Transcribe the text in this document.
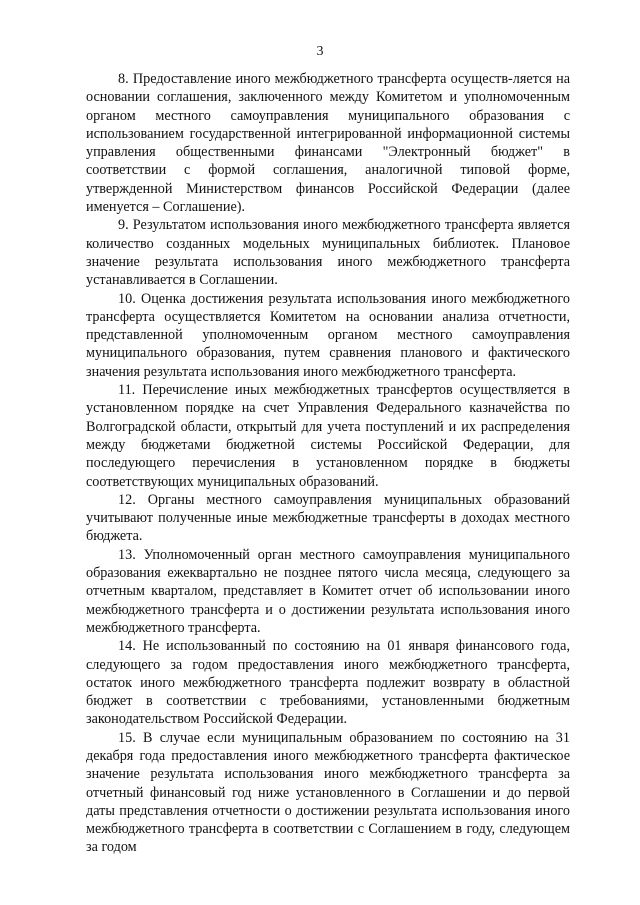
3

8. Предоставление иного межбюджетного трансферта осуществ-ляется на основании соглашения, заключенного между Комитетом и уполномоченным органом местного самоуправления муниципального образования с использованием государственной интегрированной информационной системы управления общественными финансами "Электронный бюджет" в соответствии с формой соглашения, аналогичной типовой форме, утвержденной Министерством финансов Российской Федерации (далее именуется – Соглашение).

9. Результатом использования иного межбюджетного трансферта является количество созданных модельных муниципальных библиотек. Плановое значение результата использования иного межбюджетного трансферта устанавливается в Соглашении.

10. Оценка достижения результата использования иного межбюджетного трансферта осуществляется Комитетом на основании анализа отчетности, представленной уполномоченным органом местного самоуправления муниципального образования, путем сравнения планового и фактического значения результата использования иного межбюджетного трансферта.

11. Перечисление иных межбюджетных трансфертов осуществляется в установленном порядке на счет Управления Федерального казначейства по Волгоградской области, открытый для учета поступлений и их распределения между бюджетами бюджетной системы Российской Федерации, для последующего перечисления в установленном порядке в бюджеты соответствующих муниципальных образований.

12. Органы местного самоуправления муниципальных образований учитывают полученные иные межбюджетные трансферты в доходах местного бюджета.

13. Уполномоченный орган местного самоуправления муниципального образования ежеквартально не позднее пятого числа месяца, следующего за отчетным кварталом, представляет в Комитет отчет об использовании иного межбюджетного трансферта и о достижении результата использования иного межбюджетного трансферта.

14. Не использованный по состоянию на 01 января финансового года, следующего за годом предоставления иного межбюджетного трансферта, остаток иного межбюджетного трансферта подлежит возврату в областной бюджет в соответствии с требованиями, установленными бюджетным законодательством Российской Федерации.

15. В случае если муниципальным образованием по состоянию на 31 декабря года предоставления иного межбюджетного трансферта фактическое значение результата использования иного межбюджетного трансферта за отчетный финансовый год ниже установленного в Соглашении и до первой даты представления отчетности о достижении результата использования иного межбюджетного трансферта в соответствии с Соглашением в году, следующем за годом
